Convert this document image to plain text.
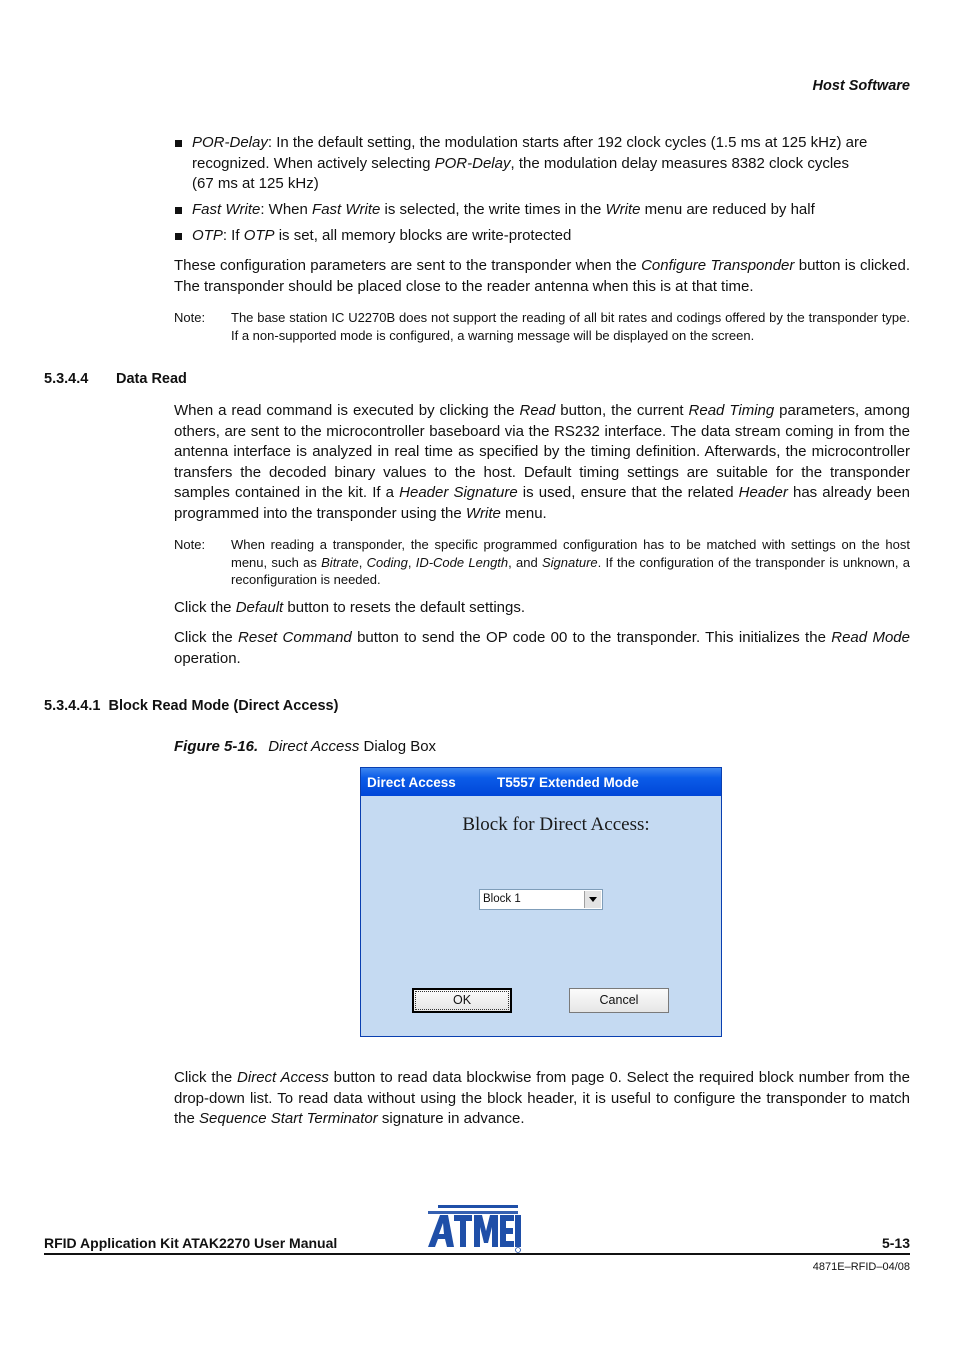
Host Software
POR-Delay: In the default setting, the modulation starts after 192 clock cycles (1.5 ms at 125 kHz) are
recognized. When actively selecting POR-Delay, the modulation delay measures 8382 clock cycles
(67 ms at 125 kHz)
Fast Write: When Fast Write is selected, the write times in the Write menu are reduced by half
OTP: If OTP is set, all memory blocks are write-protected
These configuration parameters are sent to the transponder when the Configure Transponder button is clicked. The transponder should be placed close to the reader antenna when this is at that time.
Note: The base station IC U2270B does not support the reading of all bit rates and codings offered by the transponder type. If a non-supported mode is configured, a warning message will be displayed on the screen.
5.3.4.4 Data Read
When a read command is executed by clicking the Read button, the current Read Timing parameters, among others, are sent to the microcontroller baseboard via the RS232 interface. The data stream coming in from the antenna interface is analyzed in real time as specified by the timing definition. Afterwards, the microcontroller transfers the decoded binary values to the host. Default timing settings are suitable for the transponder samples contained in the kit. If a Header Signature is used, ensure that the related Header has already been programmed into the transponder using the Write menu.
Note: When reading a transponder, the specific programmed configuration has to be matched with settings on the host menu, such as Bitrate, Coding, ID-Code Length, and Signature. If the configuration of the transponder is unknown, a reconfiguration is needed.
Click the Default button to resets the default settings.
Click the Reset Command button to send the OP code 00 to the transponder. This initializes the Read Mode operation.
5.3.4.4.1 Block Read Mode (Direct Access)
Figure 5-16. Direct Access Dialog Box
Direct Access	T5557 Extended Mode
Block for Direct Access:
Block 1
OK	Cancel
Click the Direct Access button to read data blockwise from page 0. Select the required block number from the drop-down list. To read data without using the block header, it is useful to configure the transponder to match the Sequence Start Terminator signature in advance.
RFID Application Kit ATAK2270 User Manual	5-13
4871E–RFID–04/08
